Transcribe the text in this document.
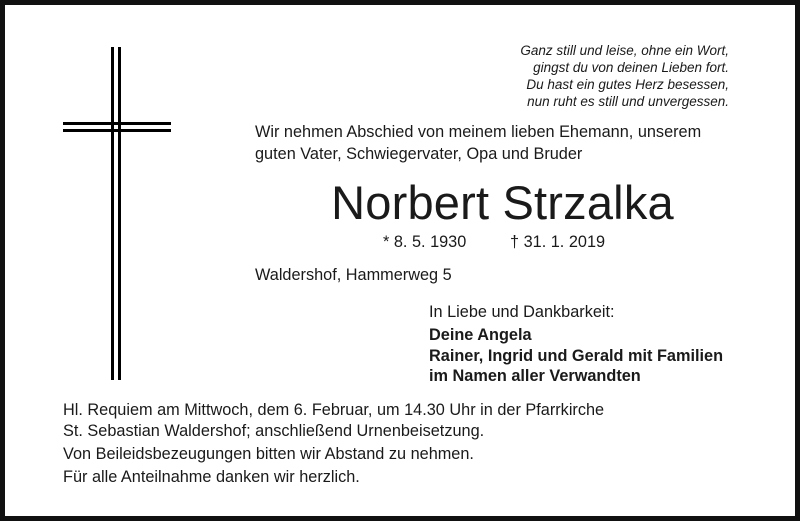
Ganz still und leise, ohne ein Wort,
gingst du von deinen Lieben fort.
Du hast ein gutes Herz besessen,
nun ruht es still und unvergessen.
Wir nehmen Abschied von meinem lieben Ehemann, unserem
guten Vater, Schwiegervater, Opa und Bruder
Norbert Strzalka
* 8. 5. 1930	† 31. 1. 2019
Waldershof, Hammerweg 5
In Liebe und Dankbarkeit:
Deine Angela
Rainer, Ingrid und Gerald mit Familien
im Namen aller Verwandten
Hl. Requiem am Mittwoch, dem 6. Februar, um 14.30 Uhr in der Pfarrkirche
St. Sebastian Waldershof; anschließend Urnenbeisetzung.
Von Beileidsbezeugungen bitten wir Abstand zu nehmen.
Für alle Anteilnahme danken wir herzlich.
